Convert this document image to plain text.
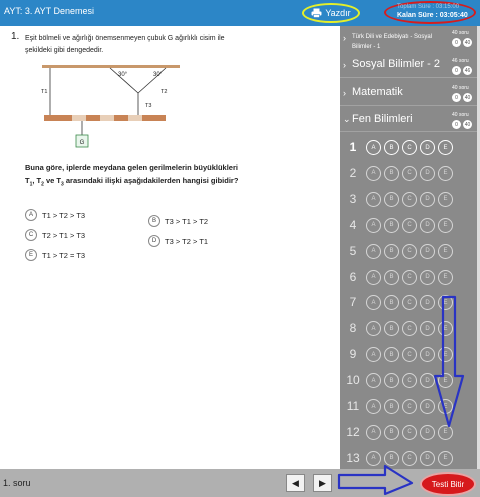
AYT: 3. AYT Denemesi	Yazdır
Toplam Süre : 03:15:00
Kalan Süre : 03:05:40
1. Eşit bölmeli ve ağırlığı önemsenmeyen çubuk G ağırlıklı cisim ile şekildeki gibi dengededir.
G
T1	T2
T3
30°	30°
Buna göre, iplerde meydana gelen gerilmelerin büyüklükleri $T_1$, $T_2$ ve $T_3$ arasındaki ilişki aşağıdakilerden hangisi gibidir?
A	T1 > T2 > T3
B	T3 > T1 > T2
C	T2 > T1 > T3
D	T3 > T2 > T1
E	T1 > T2 = T3
› Türk Dili ve Edebiyatı - Sosyal Bilimler - 1
40 soru
0	40
› Sosyal Bilimler - 2 46 soru
0	46
› Matematik	40 soru
0	40
⌄ Fen Bilimleri	40 soru
0	40
1	A	B	C	D	E
2	A	B	C	D	E
3	A	B	C	D	E
4	A	B	C	D	E
5	A	B	C	D	E
6	A	B	C	D	E
7	A	B	C	D	E
8	A	B	C	D	E
9	A	B	C	D	E
10	A	B	C	D	E
11	A	B	C	D	E
12	A	B	C	D	E
13	A	B	C	D	E
1. soru	◀ ▶	Testi Bitir
